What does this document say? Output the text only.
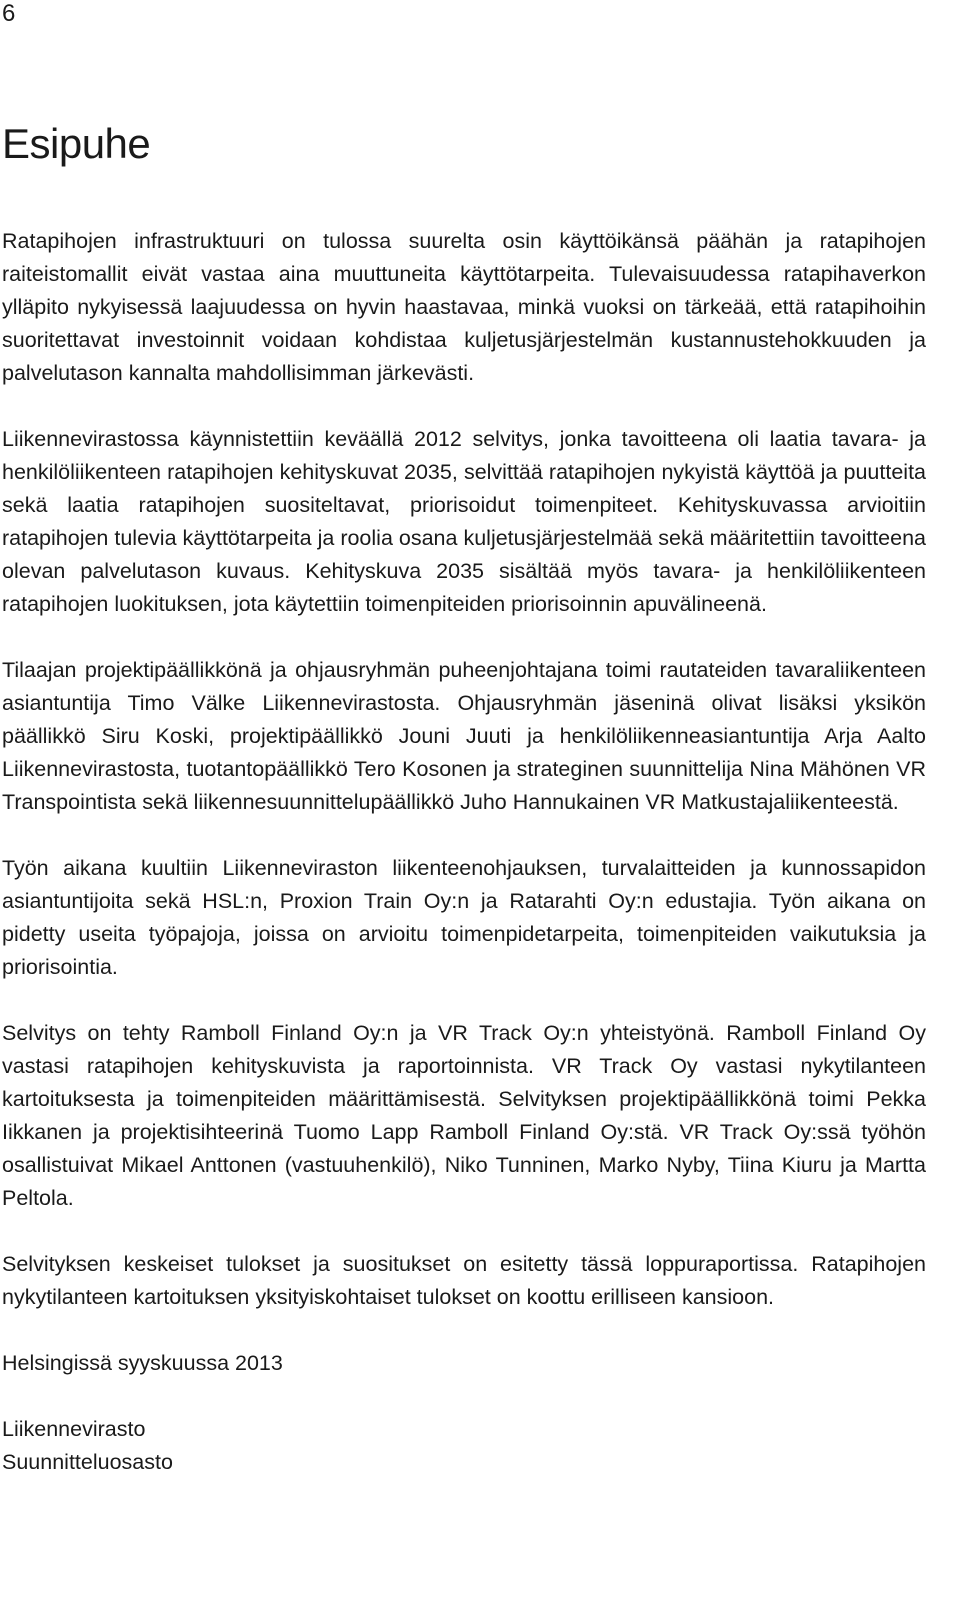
6
Esipuhe

Ratapihojen infrastruktuuri on tulossa suurelta osin käyttöikänsä päähän ja ratapihojen raiteistomallit eivät vastaa aina muuttuneita käyttötarpeita. Tulevaisuudessa ratapihaverkon ylläpito nykyisessä laajuudessa on hyvin haastavaa, minkä vuoksi on tärkeää, että ratapihoihin suoritettavat investoinnit voidaan kohdistaa kuljetusjärjestelmän kustannustehokkuuden ja palvelutason kannalta mahdollisimman järkevästi.

Liikennevirastossa käynnistettiin keväällä 2012 selvitys, jonka tavoitteena oli laatia tavara- ja henkilöliikenteen ratapihojen kehityskuvat 2035, selvittää ratapihojen nykyistä käyttöä ja puutteita sekä laatia ratapihojen suositeltavat, priorisoidut toimenpiteet. Kehityskuvassa arvioitiin ratapihojen tulevia käyttötarpeita ja roolia osana kuljetusjärjestelmää sekä määritettiin tavoitteena olevan palvelutason kuvaus. Kehityskuva 2035 sisältää myös tavara- ja henkilöliikenteen ratapihojen luokituksen, jota käytettiin toimenpiteiden priorisoinnin apuvälineenä.

Tilaajan projektipäällikkönä ja ohjausryhmän puheenjohtajana toimi rautateiden tavaraliikenteen asiantuntija Timo Välke Liikennevirastosta. Ohjausryhmän jäseninä olivat lisäksi yksikön päällikkö Siru Koski, projektipäällikkö Jouni Juuti ja henkilöliikenneasiantuntija Arja Aalto Liikennevirastosta, tuotantopäällikkö Tero Kosonen ja strateginen suunnittelija Nina Mähönen VR Transpointista sekä liikennesuunnittelupäällikkö Juho Hannukainen VR Matkustajaliikenteestä.

Työn aikana kuultiin Liikenneviraston liikenteenohjauksen, turvalaitteiden ja kunnossapidon asiantuntijoita sekä HSL:n, Proxion Train Oy:n ja Ratarahti Oy:n edustajia. Työn aikana on pidetty useita työpajoja, joissa on arvioitu toimenpidetarpeita, toimenpiteiden vaikutuksia ja priorisointia.

Selvitys on tehty Ramboll Finland Oy:n ja VR Track Oy:n yhteistyönä. Ramboll Finland Oy vastasi ratapihojen kehityskuvista ja raportoinnista. VR Track Oy vastasi nykytilanteen kartoituksesta ja toimenpiteiden määrittämisestä. Selvityksen projektipäällikkönä toimi Pekka Iikkanen ja projektisihteerinä Tuomo Lapp Ramboll Finland Oy:stä. VR Track Oy:ssä työhön osallistuivat Mikael Anttonen (vastuuhenkilö), Niko Tunninen, Marko Nyby, Tiina Kiuru ja Martta Peltola.

Selvityksen keskeiset tulokset ja suositukset on esitetty tässä loppuraportissa. Ratapihojen nykytilanteen kartoituksen yksityiskohtaiset tulokset on koottu erilliseen kansioon.

Helsingissä syyskuussa 2013

Liikennevirasto

Suunnitteluosasto
